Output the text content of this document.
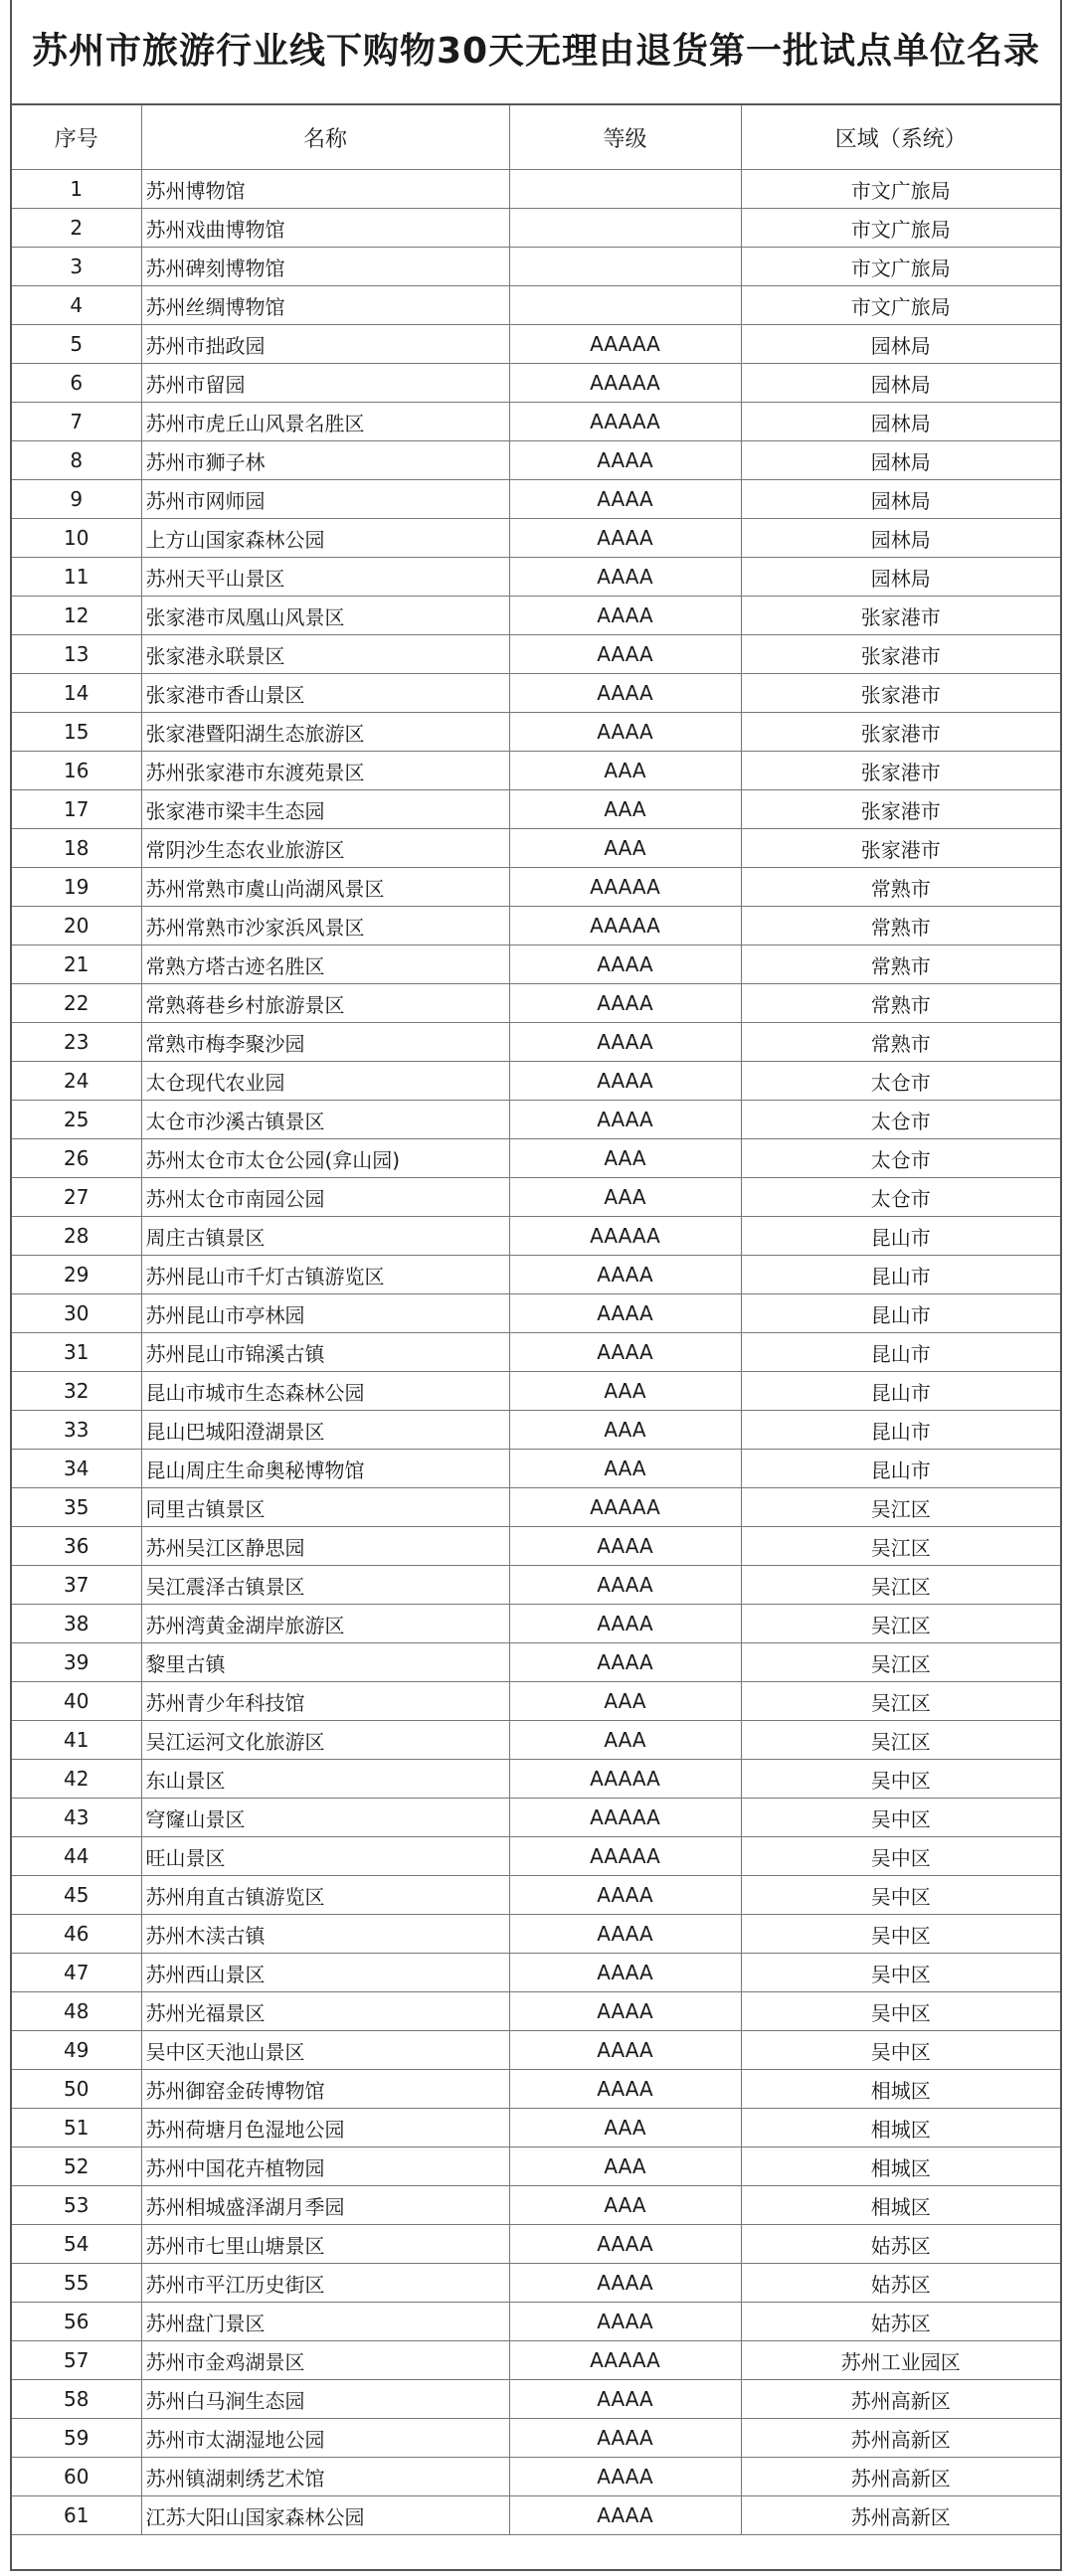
苏州市旅游行业线下购物30天无理由退货第一批试点单位名录
序号	名称	等级	区域（系统）
1	苏州博物馆		市文广旅局
2	苏州戏曲博物馆		市文广旅局
3	苏州碑刻博物馆		市文广旅局
4	苏州丝绸博物馆		市文广旅局
5	苏州市拙政园	AAAAA	园林局
6	苏州市留园	AAAAA	园林局
7	苏州市虎丘山风景名胜区	AAAAA	园林局
8	苏州市狮子林	AAAA	园林局
9	苏州市网师园	AAAA	园林局
10	上方山国家森林公园	AAAA	园林局
11	苏州天平山景区	AAAA	园林局
12	张家港市凤凰山风景区	AAAA	张家港市
13	张家港永联景区	AAAA	张家港市
14	张家港市香山景区	AAAA	张家港市
15	张家港暨阳湖生态旅游区	AAAA	张家港市
16	苏州张家港市东渡苑景区	AAA	张家港市
17	张家港市梁丰生态园	AAA	张家港市
18	常阴沙生态农业旅游区	AAA	张家港市
19	苏州常熟市虞山尚湖风景区	AAAAA	常熟市
20	苏州常熟市沙家浜风景区	AAAAA	常熟市
21	常熟方塔古迹名胜区	AAAA	常熟市
22	常熟蒋巷乡村旅游景区	AAAA	常熟市
23	常熟市梅李聚沙园	AAAA	常熟市
24	太仓现代农业园	AAAA	太仓市
25	太仓市沙溪古镇景区	AAAA	太仓市
26	苏州太仓市太仓公园(弇山园)	AAA	太仓市
27	苏州太仓市南园公园	AAA	太仓市
28	周庄古镇景区	AAAAA	昆山市
29	苏州昆山市千灯古镇游览区	AAAA	昆山市
30	苏州昆山市亭林园	AAAA	昆山市
31	苏州昆山市锦溪古镇	AAAA	昆山市
32	昆山市城市生态森林公园	AAA	昆山市
33	昆山巴城阳澄湖景区	AAA	昆山市
34	昆山周庄生命奥秘博物馆	AAA	昆山市
35	同里古镇景区	AAAAA	吴江区
36	苏州吴江区静思园	AAAA	吴江区
37	吴江震泽古镇景区	AAAA	吴江区
38	苏州湾黄金湖岸旅游区	AAAA	吴江区
39	黎里古镇	AAAA	吴江区
40	苏州青少年科技馆	AAA	吴江区
41	吴江运河文化旅游区	AAA	吴江区
42	东山景区	AAAAA	吴中区
43	穹窿山景区	AAAAA	吴中区
44	旺山景区	AAAAA	吴中区
45	苏州甪直古镇游览区	AAAA	吴中区
46	苏州木渎古镇	AAAA	吴中区
47	苏州西山景区	AAAA	吴中区
48	苏州光福景区	AAAA	吴中区
49	吴中区天池山景区	AAAA	吴中区
50	苏州御窑金砖博物馆	AAAA	相城区
51	苏州荷塘月色湿地公园	AAA	相城区
52	苏州中国花卉植物园	AAA	相城区
53	苏州相城盛泽湖月季园	AAA	相城区
54	苏州市七里山塘景区	AAAA	姑苏区
55	苏州市平江历史街区	AAAA	姑苏区
56	苏州盘门景区	AAAA	姑苏区
57	苏州市金鸡湖景区	AAAAA	苏州工业园区
58	苏州白马涧生态园	AAAA	苏州高新区
59	苏州市太湖湿地公园	AAAA	苏州高新区
60	苏州镇湖刺绣艺术馆	AAAA	苏州高新区
61	江苏大阳山国家森林公园	AAAA	苏州高新区
